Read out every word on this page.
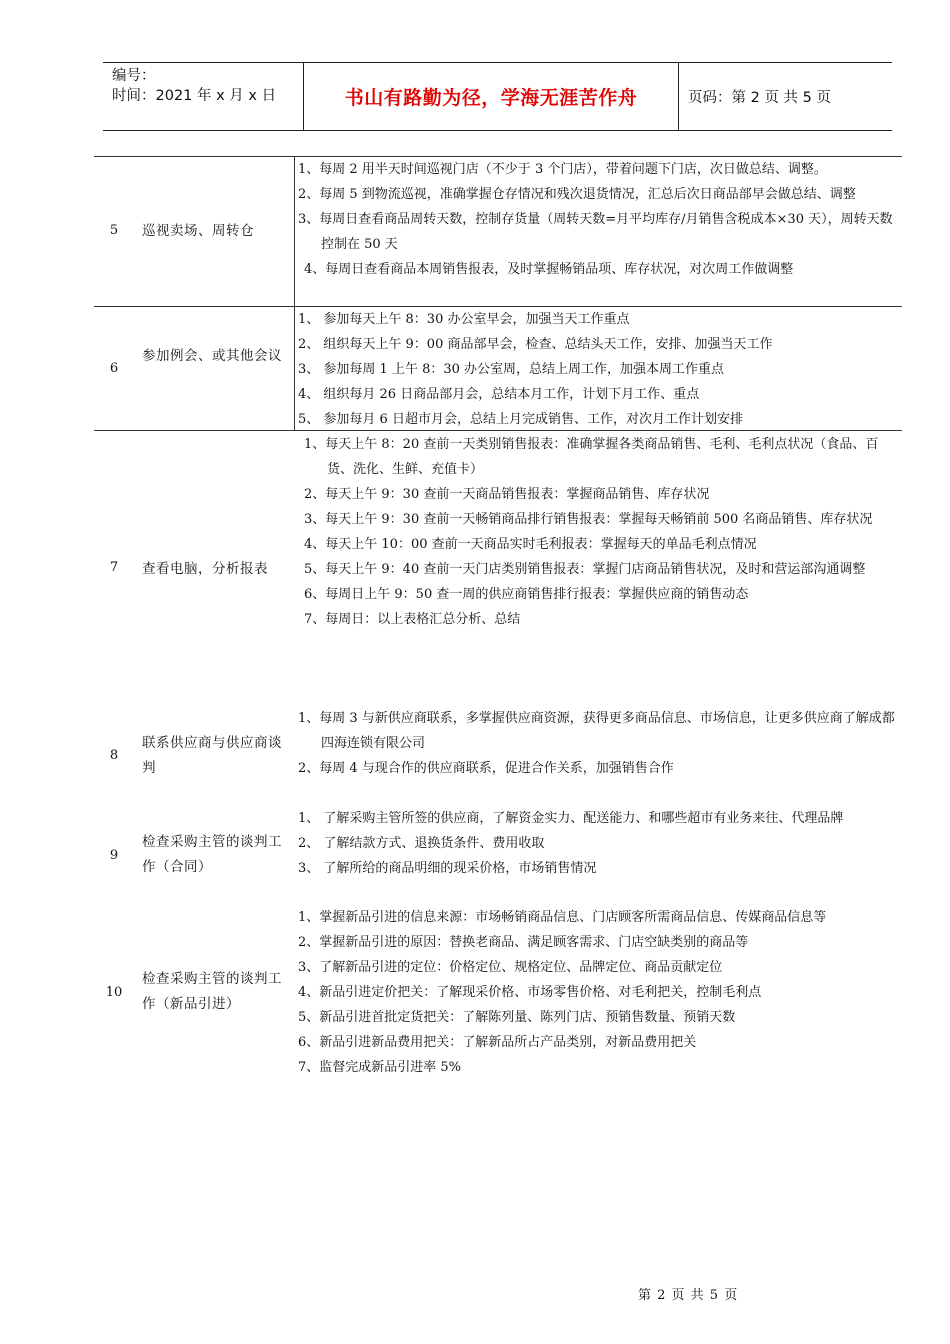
编号：
时间：2021 年 x 月 x 日	书山有路勤为径，学海无涯苦作舟	页码：第 2 页 共 5 页
5	巡视卖场、周转仓
1、每周 2 用半天时间巡视门店（不少于 3 个门店），带着问题下门店，次日做总结、调整。
2、每周 5 到物流巡视，准确掌握仓存情况和残次退货情况，汇总后次日商品部早会做总结、调整
3、每周日查看商品周转天数，控制存货量（周转天数=月平均库存/月销售含税成本×30 天），周转天数控制在 50 天
4、每周日查看商品本周销售报表，及时掌握畅销品项、库存状况，对次周工作做调整
6
参加例会、或其他会议
1、 参加每天上午 8：30 办公室早会，加强当天工作重点
2、 组织每天上午 9：00 商品部早会，检查、总结头天工作，安排、加强当天工作
3、 参加每周 1 上午 8：30 办公室周，总结上周工作，加强本周工作重点
4、 组织每月 26 日商品部月会，总结本月工作，计划下月工作、重点
5、 参加每月 6 日超市月会，总结上月完成销售、工作，对次月工作计划安排
7	查看电脑，分析报表
1、每天上午 8：20 查前一天类别销售报表：准确掌握各类商品销售、毛利、毛利点状况（食品、百货、洗化、生鲜、充值卡）
2、每天上午 9：30 查前一天商品销售报表：掌握商品销售、库存状况
3、每天上午 9：30 查前一天畅销商品排行销售报表：掌握每天畅销前 500 名商品销售、库存状况
4、每天上午 10：00 查前一天商品实时毛利报表：掌握每天的单品毛利点情况
5、每天上午 9：40 查前一天门店类别销售报表：掌握门店商品销售状况，及时和营运部沟通调整
6、每周日上午 9：50 查一周的供应商销售排行报表：掌握供应商的销售动态
7、每周日：以上表格汇总分析、总结
8
联系供应商与供应商谈判
1、每周 3 与新供应商联系，多掌握供应商资源，获得更多商品信息、市场信息，让更多供应商了解成都四海连锁有限公司
2、每周 4 与现合作的供应商联系，促进合作关系，加强销售合作
9
检查采购主管的谈判工作（合同）
1、 了解采购主管所签的供应商，了解资金实力、配送能力、和哪些超市有业务来往、代理品牌
2、 了解结款方式、退换货条件、费用收取
3、 了解所给的商品明细的现采价格，市场销售情况
10
检查采购主管的谈判工作（新品引进）
1、掌握新品引进的信息来源：市场畅销商品信息、门店顾客所需商品信息、传媒商品信息等
2、掌握新品引进的原因：替换老商品、满足顾客需求、门店空缺类别的商品等
3、了解新品引进的定位：价格定位、规格定位、品牌定位、商品贡献定位
4、新品引进定价把关：了解现采价格、市场零售价格、对毛利把关，控制毛利点
5、新品引进首批定货把关：了解陈列量、陈列门店、预销售数量、预销天数
6、新品引进新品费用把关：了解新品所占产品类别，对新品费用把关
7、监督完成新品引进率 5%
第 2 页 共 5 页
